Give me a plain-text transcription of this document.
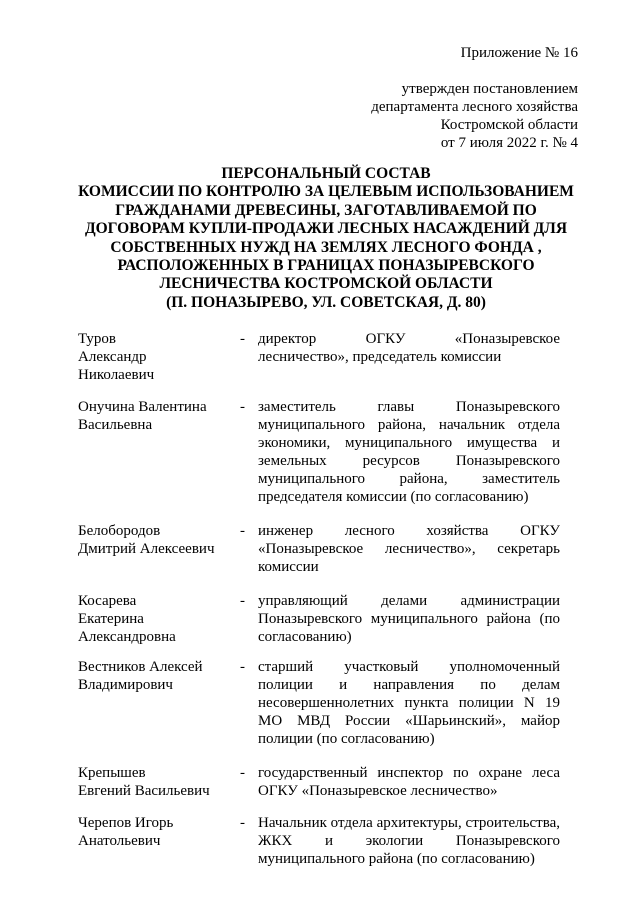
Приложение № 16
утвержден постановлением
департамента лесного хозяйства
Костромской области
от 7 июля 2022 г. № 4
ПЕРСОНАЛЬНЫЙ СОСТАВ
КОМИССИИ ПО КОНТРОЛЮ ЗА ЦЕЛЕВЫМ ИСПОЛЬЗОВАНИЕМ
ГРАЖДАНАМИ ДРЕВЕСИНЫ, ЗАГОТАВЛИВАЕМОЙ ПО
ДОГОВОРАМ КУПЛИ-ПРОДАЖИ ЛЕСНЫХ НАСАЖДЕНИЙ ДЛЯ
СОБСТВЕННЫХ НУЖД НА ЗЕМЛЯХ ЛЕСНОГО ФОНДА ,
РАСПОЛОЖЕННЫХ В ГРАНИЦАХ ПОНАЗЫРЕВСКОГО
ЛЕСНИЧЕСТВА КОСТРОМСКОЙ ОБЛАСТИ
(П. ПОНАЗЫРЕВО, УЛ. СОВЕТСКАЯ, Д. 80)
Туров
Александр
Николаевич
- директор ОГКУ «Поназыревское лесничество», председатель комиссии
Онучина Валентина
Васильевна
- заместитель главы Поназыревского муниципального района, начальник отдела экономики, муниципального имущества и земельных ресурсов Поназыревского муниципального района, заместитель председателя комиссии (по согласованию)
Белобородов
Дмитрий Алексеевич
- инженер лесного хозяйства ОГКУ «Поназыревское лесничество», секретарь комиссии
Косарева
Екатерина
Александровна
- управляющий делами администрации Поназыревского муниципального района (по согласованию)
Вестников Алексей
Владимирович
- старший участковый уполномоченный полиции и направления по делам несовершеннолетних пункта полиции N 19 МО МВД России «Шарьинский», майор полиции (по согласованию)
Крепышев
Евгений Васильевич
- государственный инспектор по охране леса ОГКУ «Поназыревское лесничество»
Черепов Игорь
Анатольевич
- Начальник отдела архитектуры, строительства, ЖКХ и экологии Поназыревского муниципального района (по согласованию)
